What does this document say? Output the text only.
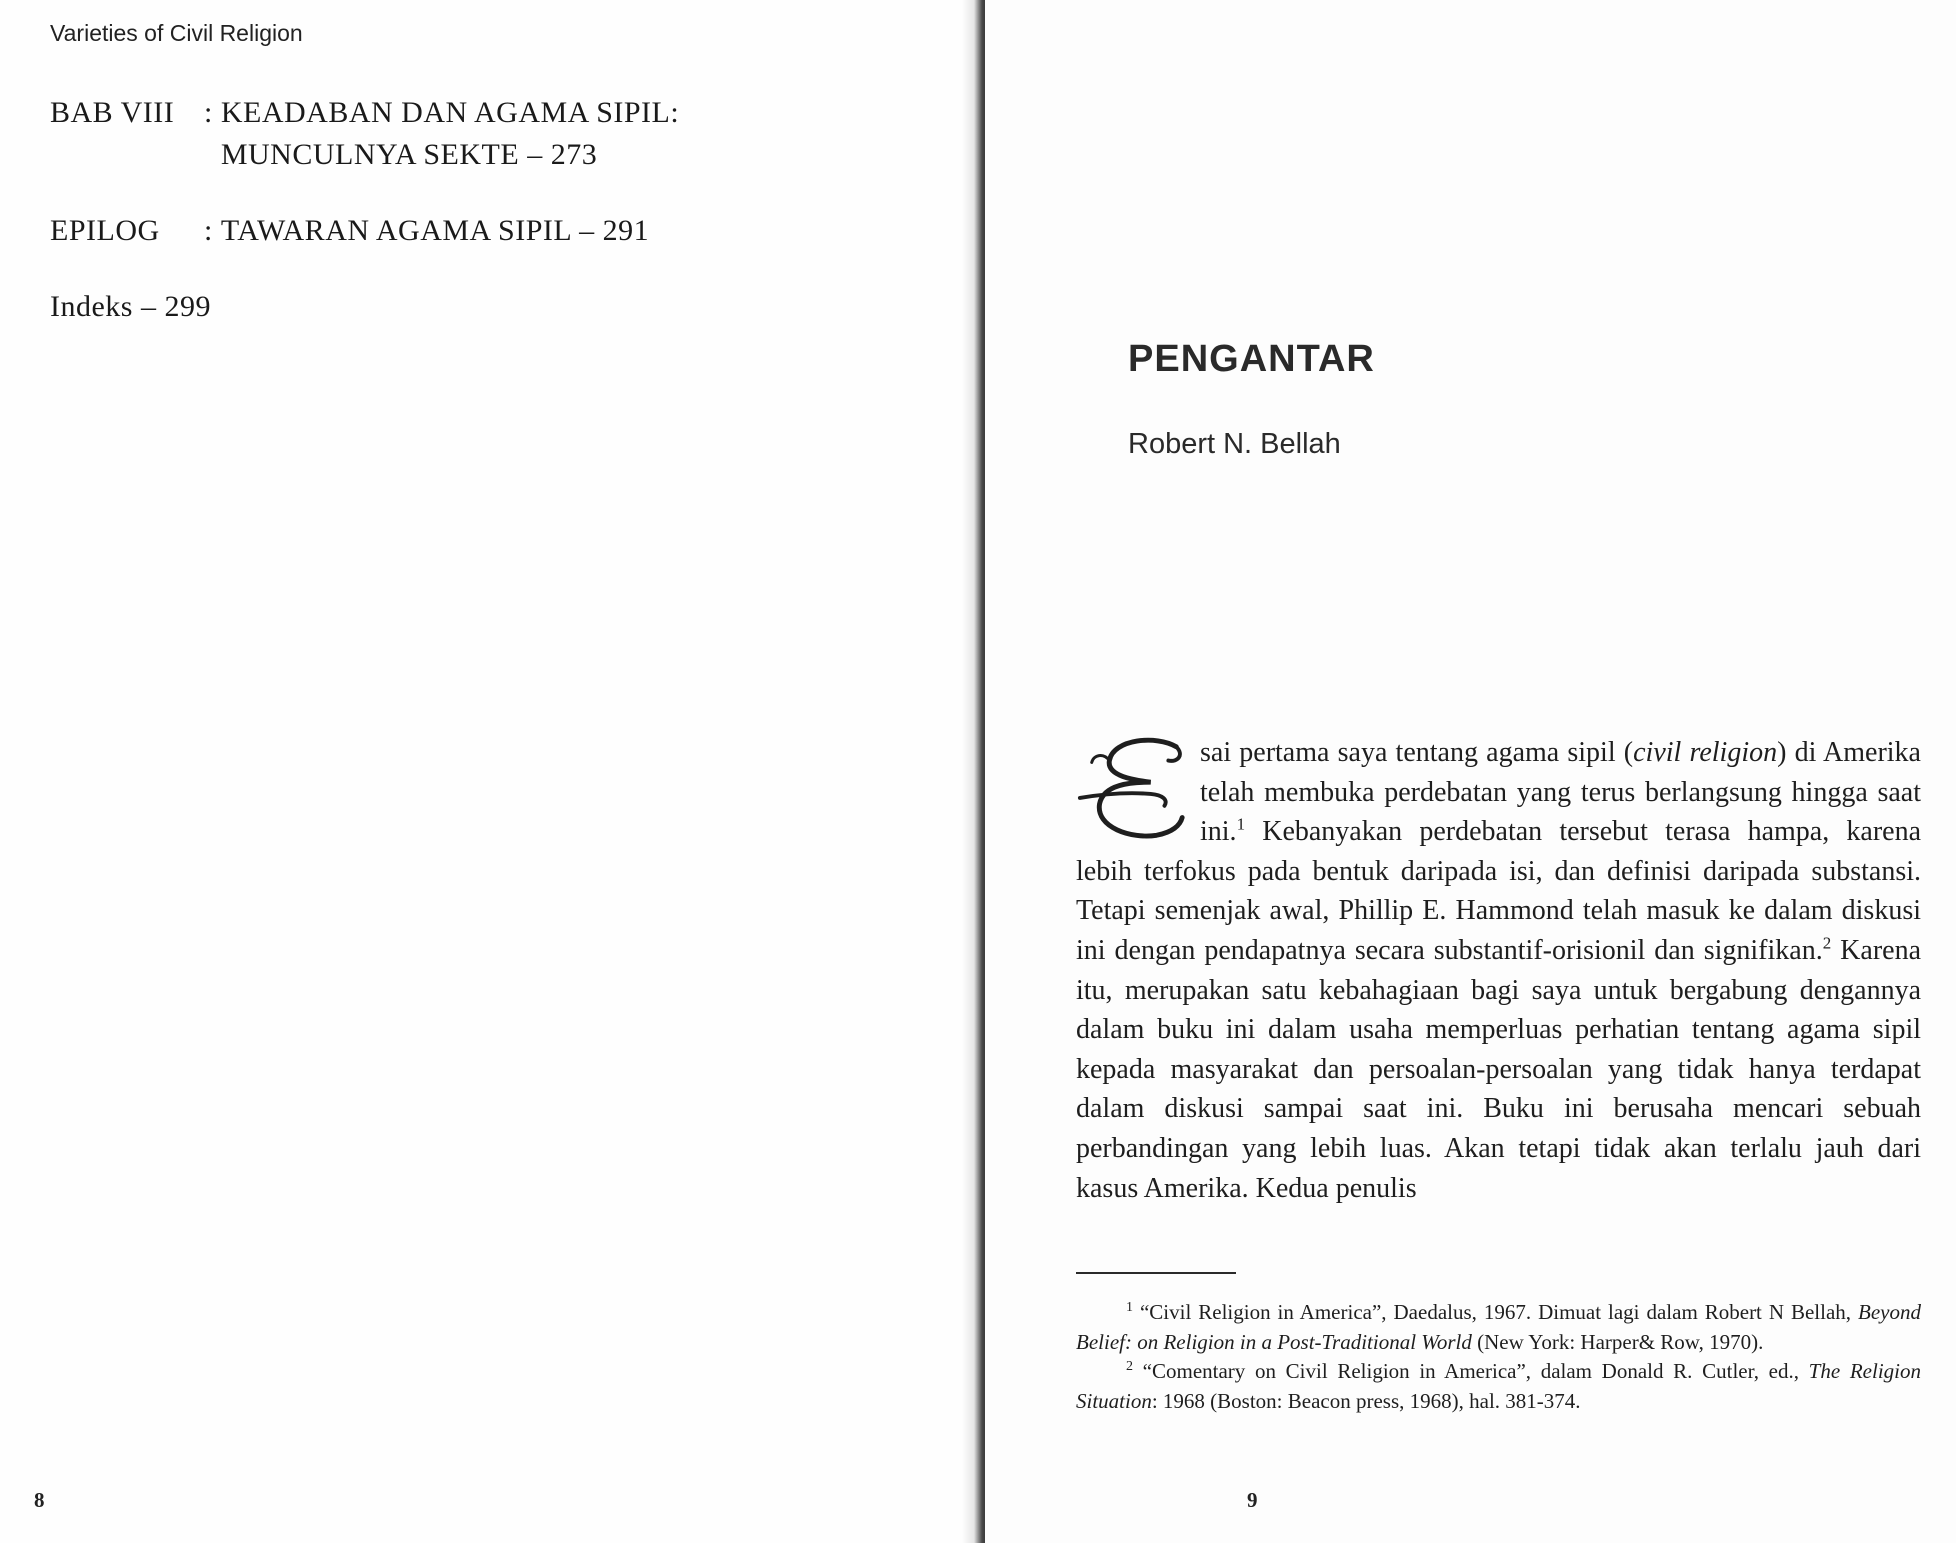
Varieties of Civil Religion
BAB VIII : KEADABAN DAN AGAMA SIPIL:
MUNCULNYA SEKTE – 273
EPILOG : TAWARAN AGAMA SIPIL – 291
Indeks – 299
8
PENGANTAR
Robert N. Bellah
sai pertama saya tentang agama sipil (civil religion) di Amerika telah membuka perdebatan yang terus berlangsung hingga saat ini.$^1$ Kebanyakan perdebatan tersebut terasa hampa, karena lebih terfokus pada bentuk daripada isi, dan definisi daripada substansi. Tetapi semenjak awal, Phillip E. Hammond telah masuk ke dalam diskusi ini dengan pendapatnya secara substantif-orisionil dan signifikan.$^2$ Karena itu, merupakan satu kebahagiaan bagi saya untuk bergabung dengannya dalam buku ini dalam usaha memperluas perhatian tentang agama sipil kepada masyarakat dan persoalan-persoalan yang tidak hanya terdapat dalam diskusi sampai saat ini. Buku ini berusaha mencari sebuah perbandingan yang lebih luas. Akan tetapi tidak akan terlalu jauh dari kasus Amerika. Kedua penulis

$^1$ “Civil Religion in America”, Daedalus, 1967. Dimuat lagi dalam Robert N Bellah, Beyond Belief: on Religion in a Post-Traditional World (New York: Harper& Row, 1970).

$^2$ “Comentary on Civil Religion in America”, dalam Donald R. Cutler, ed., The Religion Situation: 1968 (Boston: Beacon press, 1968), hal. 381-374.

9
